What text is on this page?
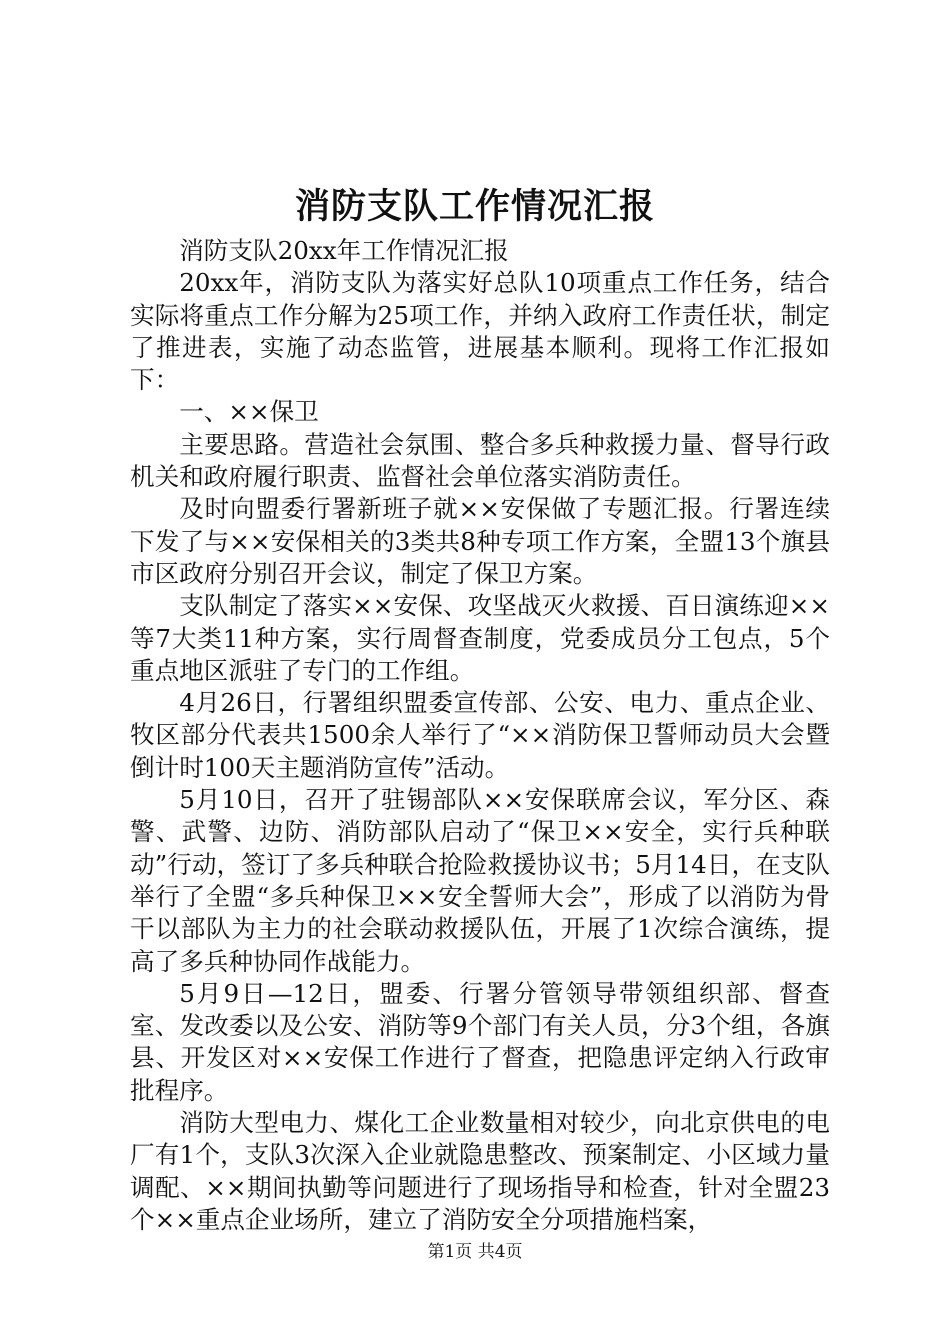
消防支队工作情况汇报

消防支队20xx年工作情况汇报

20xx年，消防支队为落实好总队10项重点工作任务，结合实际将重点工作分解为25项工作，并纳入政府工作责任状，制定了推进表，实施了动态监管，进展基本顺利。现将工作汇报如下：

一、××保卫

主要思路。营造社会氛围、整合多兵种救援力量、督导行政机关和政府履行职责、监督社会单位落实消防责任。

及时向盟委行署新班子就××安保做了专题汇报。行署连续下发了与××安保相关的3类共8种专项工作方案，全盟13个旗县市区政府分别召开会议，制定了保卫方案。

支队制定了落实××安保、攻坚战灭火救援、百日演练迎××等7大类11种方案，实行周督查制度，党委成员分工包点，5个重点地区派驻了专门的工作组。

4月26日，行署组织盟委宣传部、公安、电力、重点企业、牧区部分代表共1500余人举行了“××消防保卫誓师动员大会暨倒计时100天主题消防宣传”活动。

5月10日，召开了驻锡部队××安保联席会议，军分区、森警、武警、边防、消防部队启动了“保卫××安全，实行兵种联动”行动，签订了多兵种联合抢险救援协议书；5月14日，在支队举行了全盟“多兵种保卫××安全誓师大会”，形成了以消防为骨干以部队为主力的社会联动救援队伍，开展了1次综合演练，提高了多兵种协同作战能力。

5月9日—12日，盟委、行署分管领导带领组织部、督查室、发改委以及公安、消防等9个部门有关人员，分3个组，各旗县、开发区对××安保工作进行了督查，把隐患评定纳入行政审批程序。

消防大型电力、煤化工企业数量相对较少，向北京供电的电厂有1个，支队3次深入企业就隐患整改、预案制定、小区域力量调配、××期间执勤等问题进行了现场指导和检查，针对全盟23个××重点企业场所，建立了消防安全分项措施档案，

第1页 共4页
